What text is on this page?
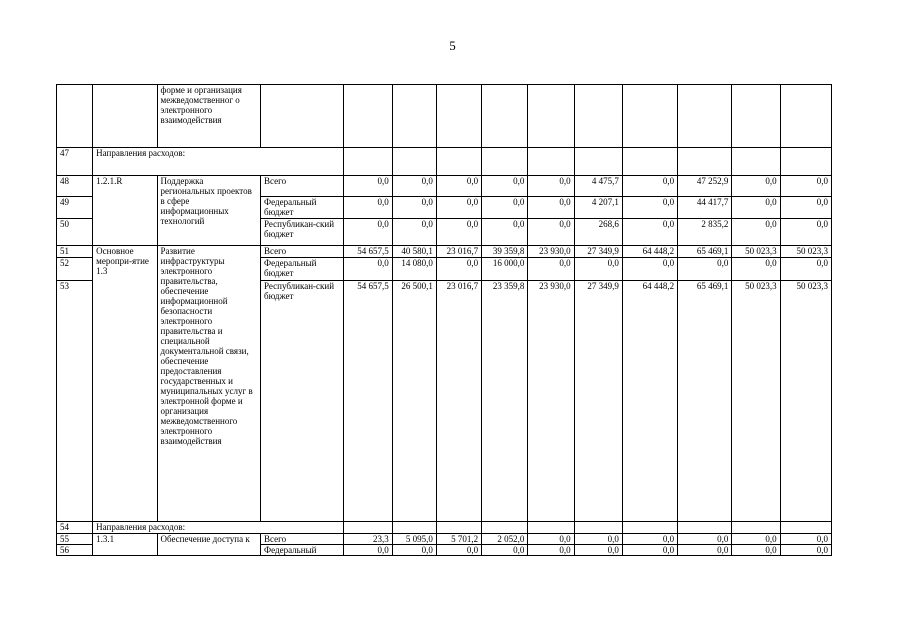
5
		форме и организация межведомственног о электронного взаимодействия											
47	Направления расходов:												
48	1.2.1.R	Поддержка региональных проектов в сфере информационных технологий	Всего	0,0	0,0	0,0	0,0	0,0	4 475,7	0,0	47 252,9	0,0	0,0
49			Федеральный бюджет	0,0	0,0	0,0	0,0	0,0	4 207,1	0,0	44 417,7	0,0	0,0
50			Республикан-ский бюджет	0,0	0,0	0,0	0,0	0,0	268,6	0,0	2 835,2	0,0	0,0
51	Основное меропри-ятие 1.3	Развитие инфраструктуры электронного правительства, обеспечение информационной безопасности электронного правительства и специальной документальной связи, обеспечение предоставления государственных и муниципальных услуг в электронной форме и организация межведомственного электронного взаимодействия	Всего	54 657,5	40 580,1	23 016,7	39 359,8	23 930,0	27 349,9	64 448,2	65 469,1	50 023,3	50 023,3
52			Федеральный бюджет	0,0	14 080,0	0,0	16 000,0	0,0	0,0	0,0	0,0	0,0	0,0
53			Республикан-ский бюджет	54 657,5	26 500,1	23 016,7	23 359,8	23 930,0	27 349,9	64 448,2	65 469,1	50 023,3	50 023,3
54	Направления расходов:												
55	1.3.1	Обеспечение доступа к	Всего	23,3	5 095,0	5 701,2	2 052,0	0,0	0,0	0,0	0,0	0,0	0,0
56			Федеральный	0,0	0,0	0,0	0,0	0,0	0,0	0,0	0,0	0,0	0,0
